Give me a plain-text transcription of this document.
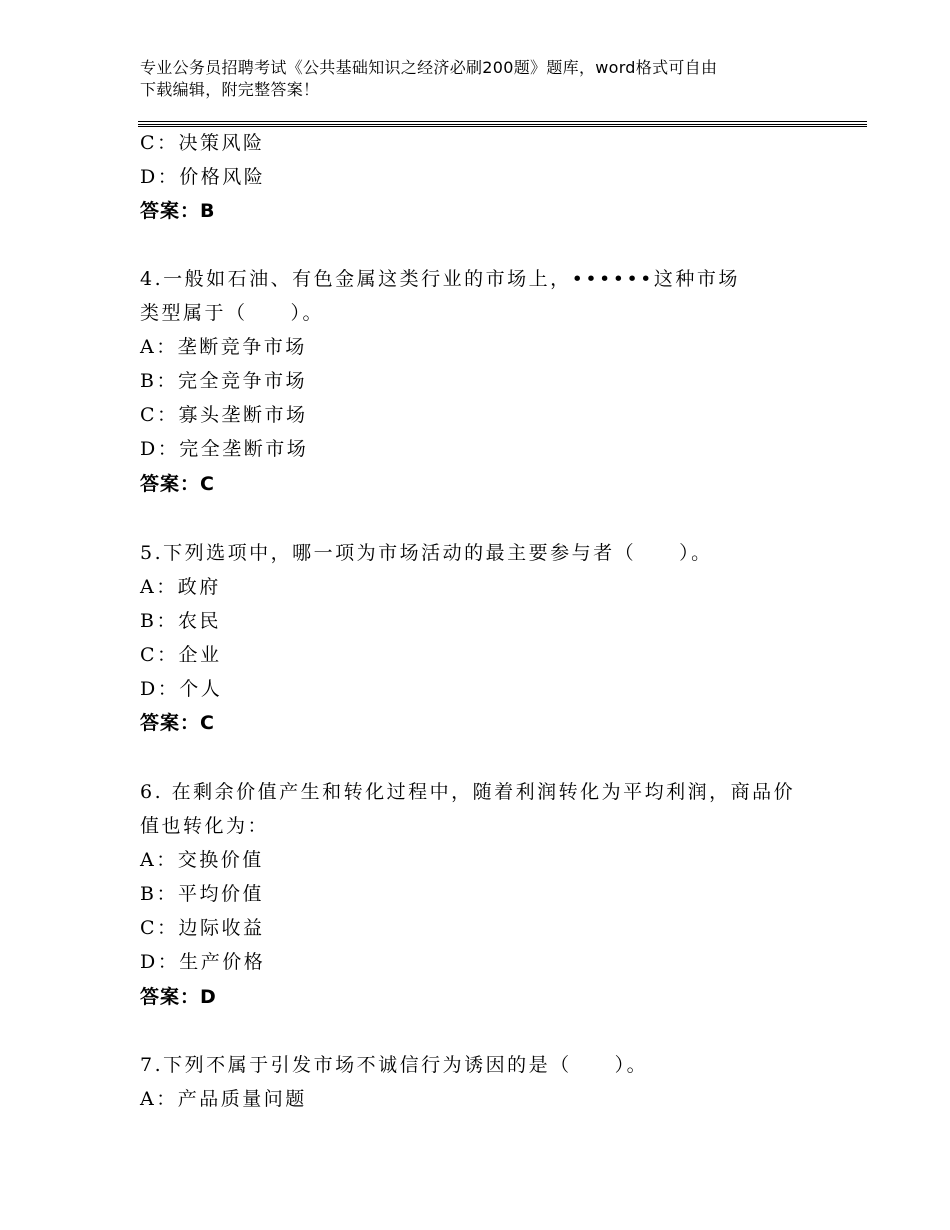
专业公务员招聘考试《公共基础知识之经济必刷200题》题库，word格式可自由
下载编辑，附完整答案！
C：决策风险
D：价格风险
答案：B
4.一般如石油、有色金属这类行业的市场上，••••••这种市场
类型属于（　　）。
A：垄断竞争市场
B：完全竞争市场
C：寡头垄断市场
D：完全垄断市场
答案：C
5.下列选项中，哪一项为市场活动的最主要参与者（　　）。
A：政府
B：农民
C：企业
D：个人
答案：C
6. 在剩余价值产生和转化过程中，随着利润转化为平均利润，商品价
值也转化为：
A：交换价值
B：平均价值
C：边际收益
D：生产价格
答案：D
7.下列不属于引发市场不诚信行为诱因的是（　　）。
A：产品质量问题
